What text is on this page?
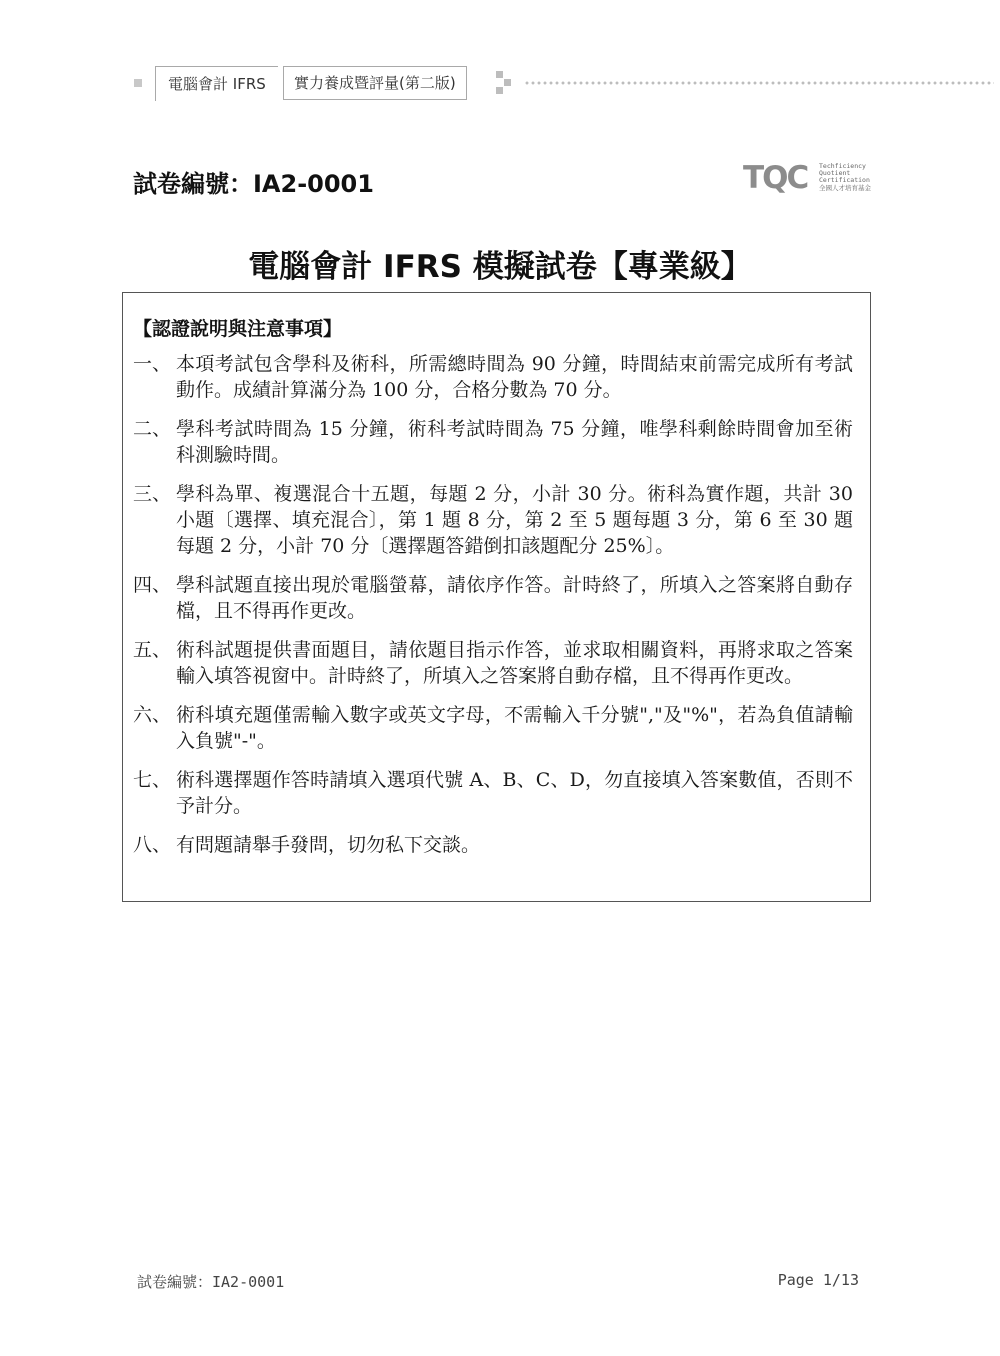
電腦會計 IFRS	實力養成暨評量(第二版)
試卷編號：IA2-0001	TQC Techficiency
Quotient
Certification
全國人才培育基金
電腦會計 IFRS 模擬試卷【專業級】
【認證說明與注意事項】
一、 本項考試包含學科及術科，所需總時間為 90 分鐘，時間結束前需完成所有考試動作。成績計算滿分為 100 分，合格分數為 70 分。
二、 學科考試時間為 15 分鐘，術科考試時間為 75 分鐘，唯學科剩餘時間會加至術科測驗時間。
三、 學科為單、複選混合十五題，每題 2 分，小計 30 分。術科為實作題，共計 30 小題〔選擇、填充混合〕，第 1 題 8 分，第 2 至 5 題每題 3 分，第 6 至 30 題每題 2 分，小計 70 分〔選擇題答錯倒扣該題配分 25%〕。
四、 學科試題直接出現於電腦螢幕，請依序作答。計時終了，所填入之答案將自動存檔，且不得再作更改。
五、 術科試題提供書面題目，請依題目指示作答，並求取相關資料，再將求取之答案輸入填答視窗中。計時終了，所填入之答案將自動存檔，且不得再作更改。
六、 術科填充題僅需輸入數字或英文字母，不需輸入千分號","及"%"，若為負值請輸入負號"-"。
七、 術科選擇題作答時請填入選項代號 A、B、C、D，勿直接填入答案數值，否則不予計分。
八、 有問題請舉手發問，切勿私下交談。
試卷編號：IA2-0001	Page 1/13
